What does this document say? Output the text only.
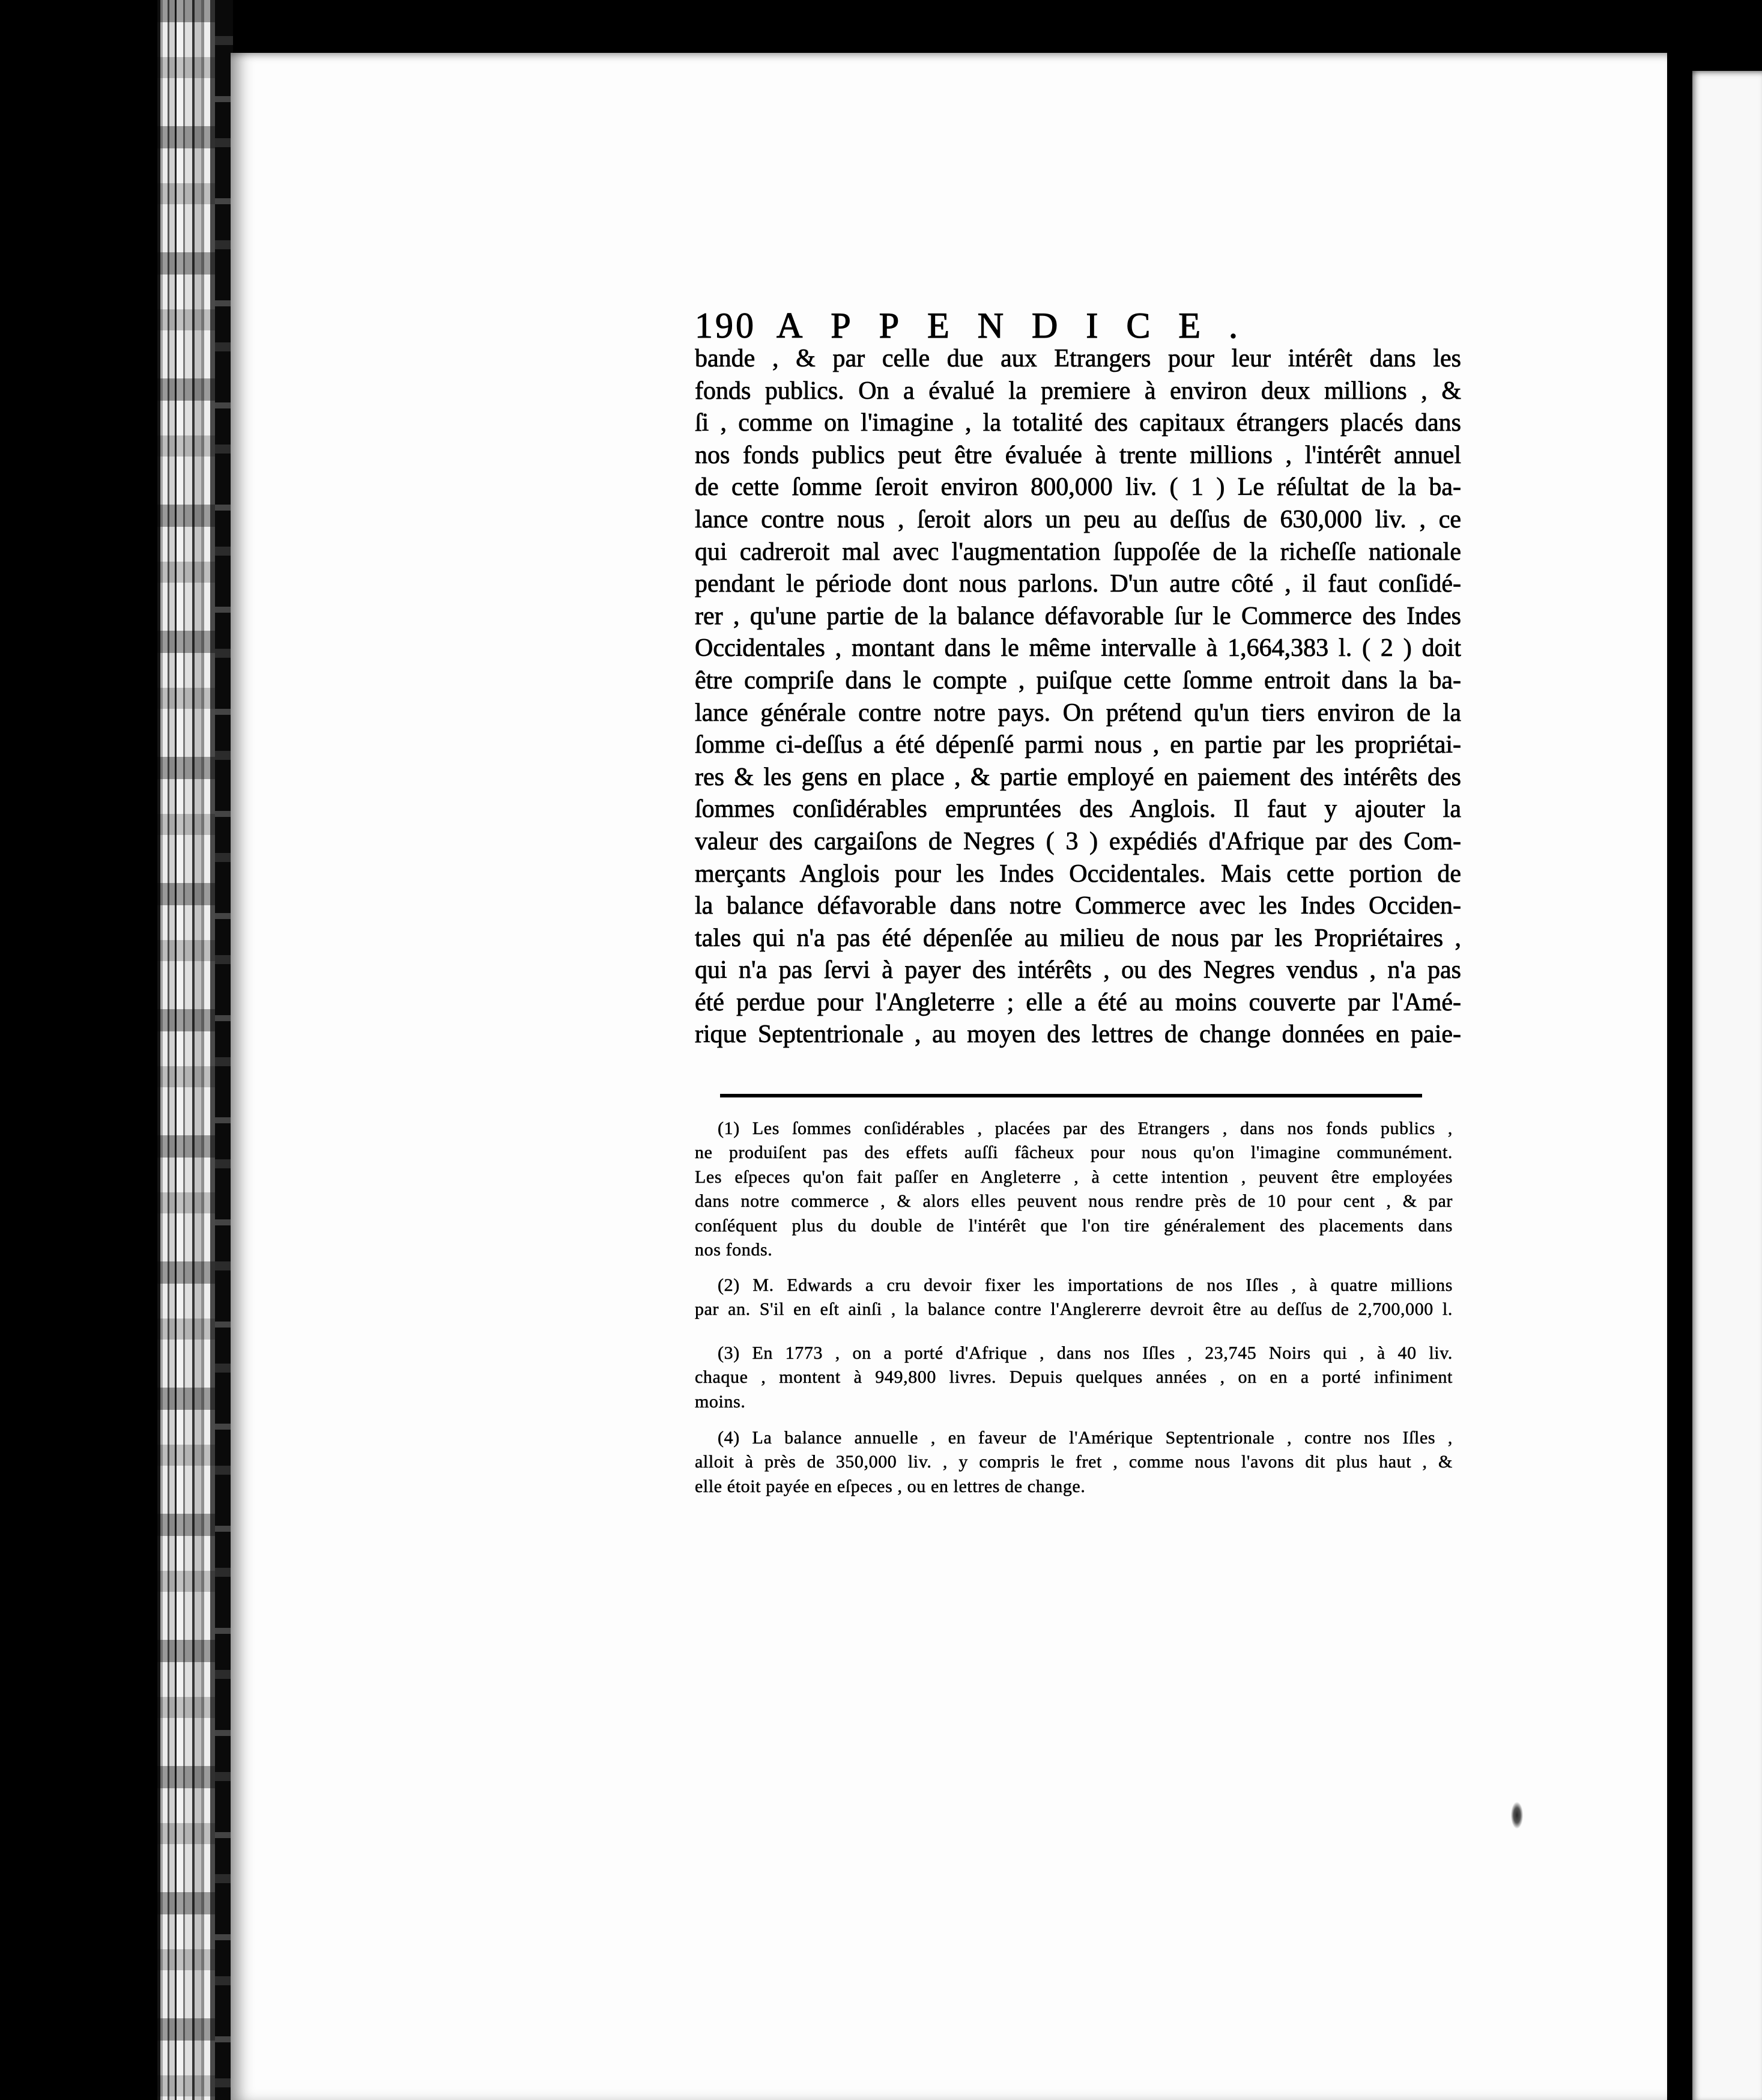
190 APPENDICE.
bande , & par celle due aux Etrangers pour leur intérêt dans les
fonds publics. On a évalué la premiere à environ deux millions , &
ſi , comme on l'imagine , la totalité des capitaux étrangers placés dans
nos fonds publics peut être évaluée à trente millions , l'intérêt annuel
de cette ſomme ſeroit environ 800,000 liv. ( 1 ) Le réſultat de la ba-
lance contre nous , ſeroit alors un peu au deſſus de 630,000 liv. , ce
qui cadreroit mal avec l'augmentation ſuppoſée de la richeſſe nationale
pendant le période dont nous parlons. D'un autre côté , il faut conſidé-
rer , qu'une partie de la balance défavorable ſur le Commerce des Indes
Occidentales , montant dans le même intervalle à 1,664,383 l. ( 2 ) doit
être compriſe dans le compte , puiſque cette ſomme entroit dans la ba-
lance générale contre notre pays. On prétend qu'un tiers environ de la
ſomme ci-deſſus a été dépenſé parmi nous , en partie par les propriétai-
res & les gens en place , & partie employé en paiement des intérêts des
ſommes conſidérables empruntées des Anglois. Il faut y ajouter la
valeur des cargaiſons de Negres ( 3 ) expédiés d'Afrique par des Com-
merçants Anglois pour les Indes Occidentales. Mais cette portion de
la balance défavorable dans notre Commerce avec les Indes Occiden-
tales qui n'a pas été dépenſée au milieu de nous par les Propriétaires ,
qui n'a pas ſervi à payer des intérêts , ou des Negres vendus , n'a pas
été perdue pour l'Angleterre ; elle a été au moins couverte par l'Amé-
rique Septentrionale , au moyen des lettres de change données en paie-
(1) Les ſommes conſidérables , placées par des Etrangers , dans nos fonds publics ,
ne produiſent pas des effets auſſi fâcheux pour nous qu'on l'imagine communément.
Les eſpeces qu'on fait paſſer en Angleterre , à cette intention , peuvent être employées
dans notre commerce , & alors elles peuvent nous rendre près de 10 pour cent , & par
conſéquent plus du double de l'intérêt que l'on tire généralement des placements dans
nos fonds.
(2) M. Edwards a cru devoir fixer les importations de nos Iſles , à quatre millions
par an. S'il en eſt ainſi , la balance contre l'Anglererre devroit être au deſſus de 2,700,000 l.
(3) En 1773 , on a porté d'Afrique , dans nos Iſles , 23,745 Noirs qui , à 40 liv.
chaque , montent à 949,800 livres. Depuis quelques années , on en a porté infiniment
moins.
(4) La balance annuelle , en faveur de l'Amérique Septentrionale , contre nos Iſles ,
alloit à près de 350,000 liv. , y compris le fret , comme nous l'avons dit plus haut , &
elle étoit payée en eſpeces , ou en lettres de change.
